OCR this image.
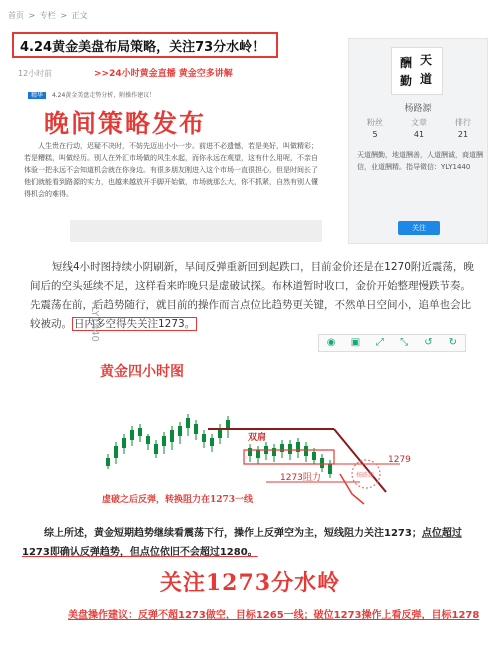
首页 > 专栏 > 正文
4.24黄金美盘布局策略，关注73分水岭！
12小时前	>>24小时黄金直播 黄金空多讲解
精华 4.24黄金美盘走势分析，附操作建议！
晚间策略发布
人生贵在行动，迟疑不决时，不妨先迈出小小一步。前进不必遗憾，若是美好，叫做精彩；若是糟糕，叫做经历。别人在外汇市场做的风生水起，而你永远在观望，这有什么用呢，不亲自体验一把永远不会知道机会就在你身边。有很多朋友刚进入这个市场一直很担心，但是时间长了他们就能看到路源的实力，也越来越放开手脚开始做，市场就那么大，你不抓紧，自然有别人懂得机会的难得。
天
道
酬
勤
杨路源
粉丝
5
文章
41
排行
21
天道酬勤，地道酬善，人道酬诚，商道酬信，业道酬精。指导微信：YLY1440
关注
短线4小时图持续小阴刷新，早间反弹重新回到起跌口，目前金价还是在1270附近震荡，晚间后的空头延续不足，这样看来昨晚只是虚破试探。布林道暂时收口，金价开始整理慢跌节奏。先震荡在前，后趋势随行，就目前的操作而言点位比趋势更关键，不然单日空间小，追单也会比较被动。 日内多空得失关注1273。
◉ ▣ ⤢ ⤡ ↺ ↻
黄金四小时图
YLY1440
双肩
1279
1273阻力	杨路源
虚破之后反弹，转换阻力在1273一线
综上所述，黄金短期趋势继续看震荡下行，操作上反弹空为主，短线阻力关注1273；点位超过1273即确认反弹趋势，但点位依旧不会超过1280。
关注1273分水岭
美盘操作建议：反弹不超1273做空，目标1265一线；破位1273操作上看反弹，目标1278
